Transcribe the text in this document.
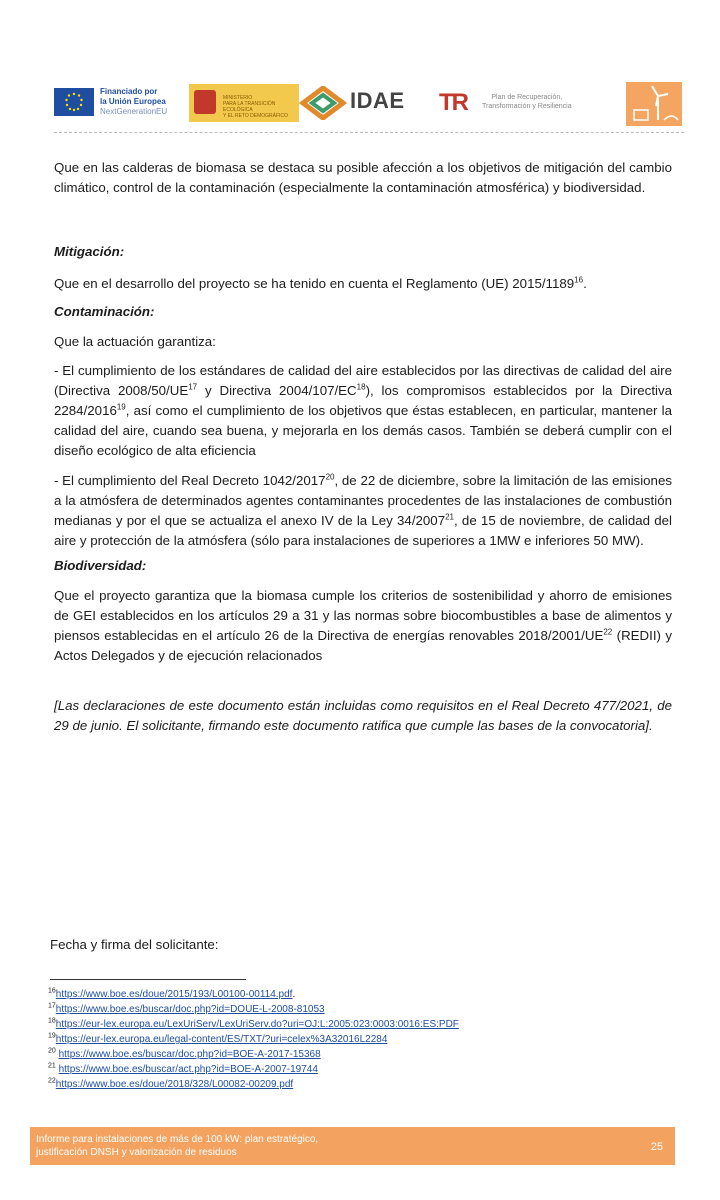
Financiado por
la Unión Europea
NextGenerationEU
MINISTERIO
PARA LA TRANSICIÓN ECOLÓGICA
Y EL RETO DEMOGRÁFICO
IDAE TR	Plan de Recuperación,
Transformación y Resiliencia

Que en las calderas de biomasa se destaca su posible afección a los objetivos de mitigación del cambio climático, control de la contaminación (especialmente la contaminación atmosférica) y biodiversidad.

Mitigación:

Que en el desarrollo del proyecto se ha tenido en cuenta el Reglamento (UE) 2015/1189$^{16}$.

Contaminación:

Que la actuación garantiza:

- El cumplimiento de los estándares de calidad del aire establecidos por las directivas de calidad del aire (Directiva 2008/50/UE$^{17}$ y Directiva 2004/107/EC$^{18}$), los compromisos establecidos por la Directiva 2284/2016$^{19}$, así como el cumplimiento de los objetivos que éstas establecen, en particular, mantener la calidad del aire, cuando sea buena, y mejorarla en los demás casos. También se deberá cumplir con el diseño ecológico de alta eficiencia

- El cumplimiento del Real Decreto 1042/2017$^{20}$, de 22 de diciembre, sobre la limitación de las emisiones a la atmósfera de determinados agentes contaminantes procedentes de las instalaciones de combustión medianas y por el que se actualiza el anexo IV de la Ley 34/2007$^{21}$, de 15 de noviembre, de calidad del aire y protección de la atmósfera (sólo para instalaciones de superiores a 1MW e inferiores 50 MW).

Biodiversidad:

Que el proyecto garantiza que la biomasa cumple los criterios de sostenibilidad y ahorro de emisiones de GEI establecidos en los artículos 29 a 31 y las normas sobre biocombustibles a base de alimentos y piensos establecidas en el artículo 26 de la Directiva de energías renovables 2018/2001/UE$^{22}$ (REDII) y Actos Delegados y de ejecución relacionados

[Las declaraciones de este documento están incluidas como requisitos en el Real Decreto 477/2021, de 29 de junio. El solicitante, firmando este documento ratifica que cumple las bases de la convocatoria].

Fecha y firma del solicitante:
$^{16}$https://www.boe.es/doue/2015/193/L00100-00114.pdf.
$^{17}$https://www.boe.es/buscar/doc.php?id=DOUE-L-2008-81053
$^{18}$https://eur-lex.europa.eu/LexUriServ/LexUriServ.do?uri=OJ:L:2005:023:0003:0016:ES:PDF
$^{19}$https://eur-lex.europa.eu/legal-content/ES/TXT/?uri=celex%3A32016L2284
$^{20}$ https://www.boe.es/buscar/doc.php?id=BOE-A-2017-15368
$^{21}$ https://www.boe.es/buscar/act.php?id=BOE-A-2007-19744
$^{22}$https://www.boe.es/doue/2018/328/L00082-00209.pdf
Informe para instalaciones de más de 100 kW: plan estratégico,
justificación DNSH y valorización de residuos	25
